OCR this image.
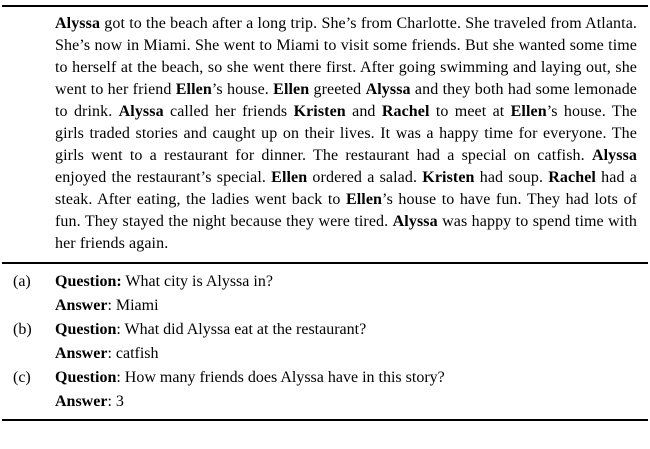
Alyssa got to the beach after a long trip. She’s from Charlotte. She traveled from Atlanta. She’s now in Miami. She went to Miami to visit some friends. But she wanted some time to herself at the beach, so she went there first. After going swimming and laying out, she went to her friend Ellen’s house. Ellen greeted Alyssa and they both had some lemonade to drink. Alyssa called her friends Kristen and Rachel to meet at Ellen’s house. The girls traded stories and caught up on their lives. It was a happy time for everyone. The girls went to a restaurant for dinner. The restaurant had a special on catfish. Alyssa enjoyed the restaurant’s special. Ellen ordered a salad. Kristen had soup. Rachel had a steak. After eating, the ladies went back to Ellen’s house to have fun. They had lots of fun. They stayed the night because they were tired. Alyssa was happy to spend time with her friends again.

(a)	Question: What city is Alyssa in?
Answer: Miami
(b)	Question: What did Alyssa eat at the restaurant?
Answer: catfish
(c)	Question: How many friends does Alyssa have in this story?
Answer: 3
